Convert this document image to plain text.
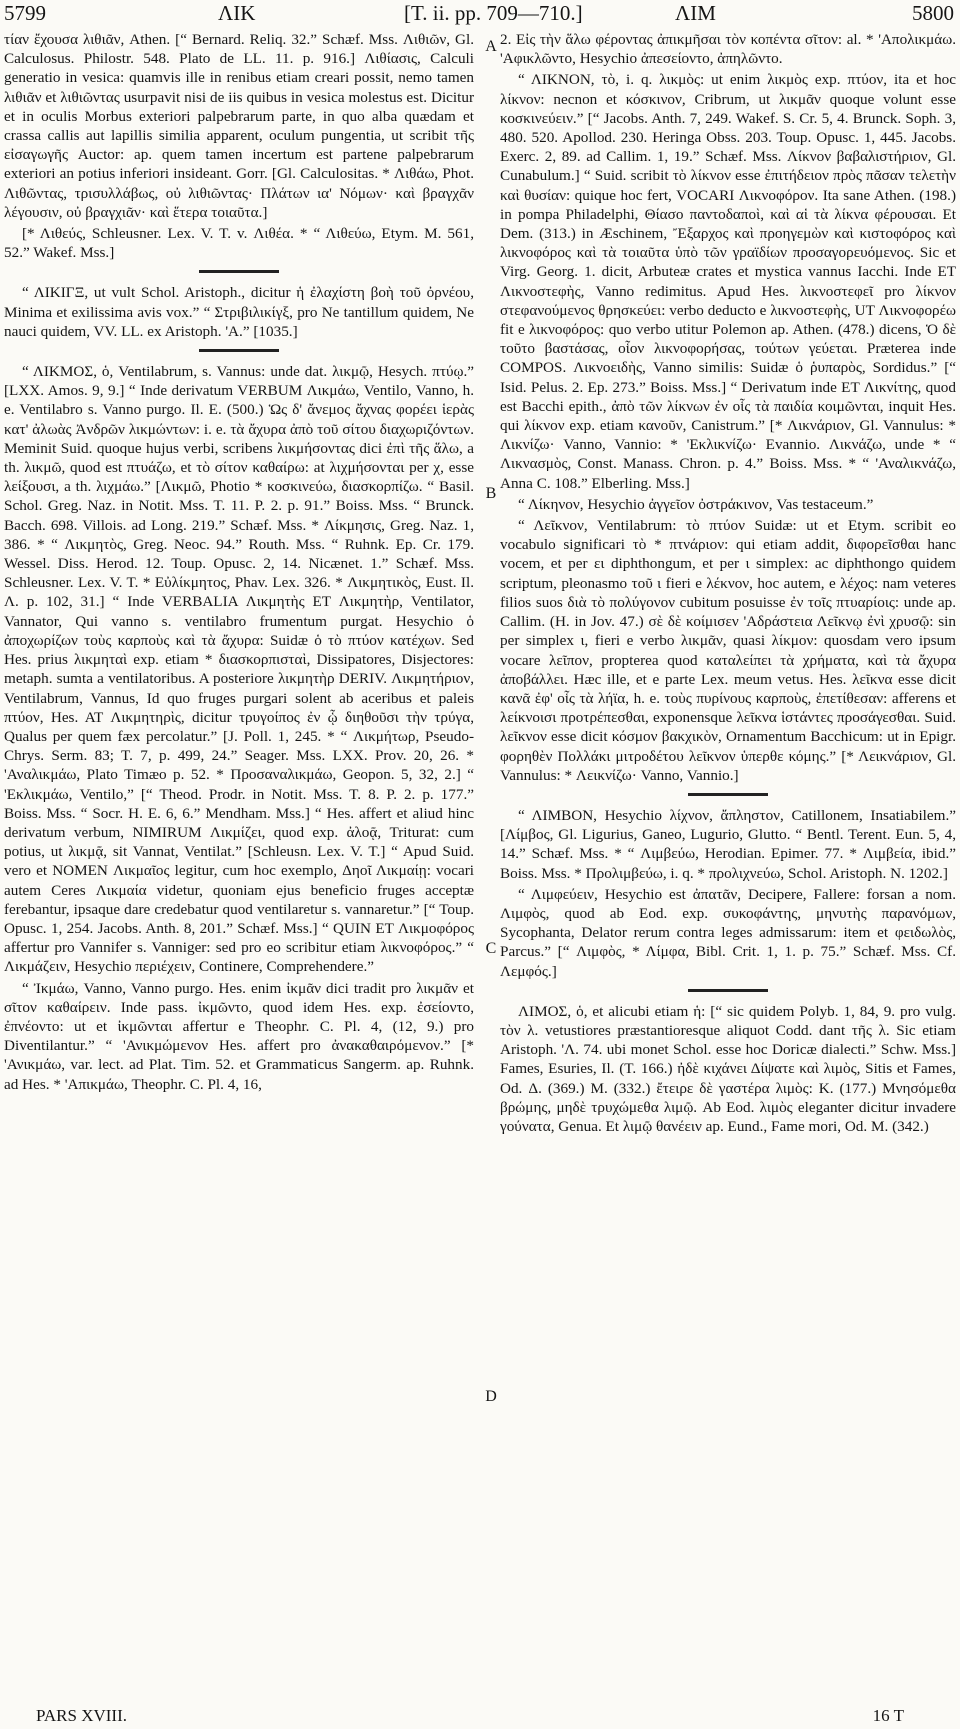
5799	ΛΙΚ	[T. ii. pp. 709—710.]	ΛΙΜ	5800

τίαν ἔχουσα λιθιᾶν, Athen. [“ Bernard. Reliq. 32.” Schæf. Mss. Λιθιῶν, Gl. Calculosus. Philostr. 548. Plato de LL. 11. p. 916.] Λιθίασις, Calculi generatio in vesica: quamvis ille in renibus etiam creari possit, nemo tamen λιθιᾶν et λιθιῶντας usurpavit nisi de iis quibus in vesica molestus est. Dicitur et in oculis Morbus exteriori palpebrarum parte, in quo alba quædam et crassa callis aut lapillis similia apparent, oculum pungentia, ut scribit τῆς εἰσαγωγῆς Auctor: ap. quem tamen incertum est partene palpebrarum exteriori an potius inferiori insideant. Gorr. [Gl. Calculositas. * Λιθάω, Phot. Λιθῶντας, τρισυλλάβως, οὐ λιθιῶντας· Πλάτων ια' Νόμων· καὶ βραγχᾶν λέγουσιν, οὐ βραγχιᾶν· καὶ ἕτερα τοιαῦτα.]

[* Λιθεύς, Schleusner. Lex. V. T. v. Λιθέα. * “ Λιθεύω, Etym. M. 561, 52.” Wakef. Mss.]

“ ΛΙΚΙΓΞ, ut vult Schol. Aristoph., dicitur ἡ ἐλαχίστη βοὴ τοῦ ὀρνέου, Minima et exilissima avis vox.” “ Στριβιλικίγξ, pro Ne tantillum quidem, Ne nauci quidem, VV. LL. ex Aristoph. 'Α.” [1035.]

“ ΛΙΚΜΟΣ, ὁ, Ventilabrum, s. Vannus: unde dat. λικμῷ, Hesych. πτύῳ.” [LXX. Amos. 9, 9.] “ Inde derivatum VERBUM Λικμάω, Ventilo, Vanno, h. e. Ventilabro s. Vanno purgo. Il. E. (500.) Ὡς δ' ἄνεμος ἄχνας φορέει ἱερὰς κατ' ἀλωὰς Ἀνδρῶν λικμώντων: i. e. τὰ ἄχυρα ἀπὸ τοῦ σίτου διαχωριζόντων. Meminit Suid. quoque hujus verbi, scribens λικμήσοντας dici ἐπὶ τῆς ἅλω, a th. λικμῶ, quod est πτυάζω, et τὸ σίτον καθαίρω: at λιχμήσονται per χ, esse λείξουσι, a th. λιχμάω.” [Λικμῶ, Photio * κοσκινεύω, διασκορπίζω. “ Basil. Schol. Greg. Naz. in Notit. Mss. T. 11. P. 2. p. 91.” Boiss. Mss. “ Brunck. Bacch. 698. Villois. ad Long. 219.” Schæf. Mss. * Λίκμησις, Greg. Naz. 1, 386. * “ Λικμητὸς, Greg. Neoc. 94.” Routh. Mss. “ Ruhnk. Ep. Cr. 179. Wessel. Diss. Herod. 12. Toup. Opusc. 2, 14. Nicænet. 1.” Schæf. Mss. Schleusner. Lex. V. T. * Εὐλίκμητος, Phav. Lex. 326. * Λικμητικὸς, Eust. Il. Λ. p. 102, 31.] “ Inde VERBALIA Λικμητὴς ET Λικμητὴρ, Ventilator, Vannator, Qui vanno s. ventilabro frumentum purgat. Hesychio ὁ ἀποχωρίζων τοὺς καρποὺς καὶ τὰ ἄχυρα: Suidæ ὁ τὸ πτύον κατέχων. Sed Hes. prius λικμηταὶ exp. etiam * διασκορπισταὶ, Dissipatores, Disjectores: metaph. sumta a ventilatoribus. A posteriore λικμητὴρ DERIV. Λικμητήριον, Ventilabrum, Vannus, Id quo fruges purgari solent ab aceribus et paleis πτύον, Hes. AT Λικμητηρὶς, dicitur τρυγοίπος ἐν ᾧ διηθοῦσι τὴν τρύγα, Qualus per quem fæx percolatur.” [J. Poll. 1, 245. * “ Λικμήτωρ, Pseudo-Chrys. Serm. 83; T. 7, p. 499, 24.” Seager. Mss. LXX. Prov. 20, 26. * 'Αναλικμάω, Plato Timæo p. 52. * Προσαναλικμάω, Geopon. 5, 32, 2.] “ 'Εκλικμάω, Ventilo,” [“ Theod. Prodr. in Notit. Mss. T. 8. P. 2. p. 177.” Boiss. Mss. “ Socr. H. E. 6, 6.” Mendham. Mss.] “ Hes. affert et aliud hinc derivatum verbum, NIMIRUM Λικμίζει, quod exp. ἀλοᾷ, Triturat: cum potius, ut λικμᾷ, sit Vannat, Ventilat.” [Schleusn. Lex. V. T.] “ Apud Suid. vero et NOMEN Λικμαῖος legitur, cum hoc exemplo, Δηοῖ Λικμαίῃ: vocari autem Ceres Λικμαία videtur, quoniam ejus beneficio fruges acceptæ ferebantur, ipsaque dare credebatur quod ventilaretur s. vannaretur.” [“ Toup. Opusc. 1, 254. Jacobs. Anth. 8, 201.” Schæf. Mss.] “ QUIN ET Λικμοφόρος affertur pro Vannifer s. Vanniger: sed pro eo scribitur etiam λικνοφόρος.” “ Λικμάζειν, Hesychio περιέχειν, Continere, Comprehendere.”

“ Ἰκμάω, Vanno, Vanno purgo. Hes. enim ἰκμᾶν dici tradit pro λικμᾶν et σῖτον καθαίρειν. Inde pass. ἰκμῶντο, quod idem Hes. exp. ἐσείοντο, ἐπνέοντο: ut et ἰκμῶνται affertur e Theophr. C. Pl. 4, (12, 9.) pro Diventilantur.” “ 'Ανικμώμενον Hes. affert pro ἀνακαθαιρόμενον.” [* 'Ανικμάω, var. lect. ad Plat. Tim. 52. et Grammaticus Sangerm. ap. Ruhnk. ad Hes. * 'Απικμάω, Theophr. C. Pl. 4, 16,

A
B
C
D

2. Εἰς τὴν ἅλω φέροντας ἀπικμῆσαι τὸν κοπέντα σῖτον: al. * 'Απολικμάω. 'Αφικλῶντο, Hesychio ἀπεσείοντο, ἀπηλῶντο.

“ ΛΙΚΝΟΝ, τὸ, i. q. λικμὸς: ut enim λικμὸς exp. πτύον, ita et hoc λίκνον: necnon et κόσκινον, Cribrum, ut λικμᾶν quoque volunt esse κοσκινεύειν.” [“ Jacobs. Anth. 7, 249. Wakef. S. Cr. 5, 4. Brunck. Soph. 3, 480. 520. Apollod. 230. Heringa Obss. 203. Toup. Opusc. 1, 445. Jacobs. Exerc. 2, 89. ad Callim. 1, 19.” Schæf. Mss. Λίκνον βαβαλιστήριον, Gl. Cunabulum.] “ Suid. scribit τὸ λίκνον esse ἐπιτήδειον πρὸς πᾶσαν τελετὴν καὶ θυσίαν: quique hoc fert, VOCARI Λικνοφόρον. Ita sane Athen. (198.) in pompa Philadelphi, Θίασο παντοδαποὶ, καὶ αἱ τὰ λίκνα φέρουσαι. Et Dem. (313.) in Æschinem, Ἔξαρχος καὶ προηγεμὼν καὶ κιστοφόρος καὶ λικνοφόρος καὶ τὰ τοιαῦτα ὑπὸ τῶν γραϊδίων προσαγορευόμενος. Sic et Virg. Georg. 1. dicit, Arbuteæ crates et mystica vannus Iacchi. Inde ET Λικνοστεφὴς, Vanno redimitus. Apud Hes. λικνοστεφεῖ pro λίκνον στεφανούμενος θρησκεύει: verbo deducto e λικνοστεφὴς, UT Λικνοφορέω fit e λικνοφόρος: quo verbo utitur Polemon ap. Athen. (478.) dicens, Ὁ δὲ τοῦτο βαστάσας, οἷον λικνοφορήσας, τούτων γεύεται. Præterea inde COMPOS. Λικνοειδὴς, Vanno similis: Suidæ ὁ ῥυπαρὸς, Sordidus.” [“ Isid. Pelus. 2. Ep. 273.” Boiss. Mss.] “ Derivatum inde ET Λικνίτης, quod est Bacchi epith., ἀπὸ τῶν λίκνων ἐν οἷς τὰ παιδία κοιμῶνται, inquit Hes. qui λίκνον exp. etiam κανοῦν, Canistrum.” [* Λικνάριον, Gl. Vannulus: * Λικνίζω· Vanno, Vannio: * 'Εκλικνίζω· Evannio. Λικνάζω, unde * “ Λικνασμὸς, Const. Manass. Chron. p. 4.” Boiss. Mss. * “ 'Αναλικνάζω, Anna C. 108.” Elberling. Mss.]

“ Λίκηνον, Hesychio ἀγγεῖον ὀστράκινον, Vas testaceum.”

“ Λεῖκνον, Ventilabrum: τὸ πτύον Suidæ: ut et Etym. scribit eo vocabulo significari τὸ * πτνάριον: qui etiam addit, διφορεῖσθαι hanc vocem, et per ει diphthongum, et per ι simplex: ac diphthongo quidem scriptum, pleonasmo τοῦ ι fieri e λέκνον, hoc autem, e λέχος: nam veteres filios suos διὰ τὸ πολύγονον cubitum posuisse ἐν τοῖς πτυαρίοις: unde ap. Callim. (H. in Jov. 47.) σὲ δὲ κοίμισεν 'Αδράστεια Λεῖκνῳ ἐνὶ χρυσῷ: sin per simplex ι, fieri e verbo λικμᾶν, quasi λίκμον: quosdam vero ipsum vocare λεῖπον, propterea quod καταλείπει τὰ χρήματα, καὶ τὰ ἄχυρα ἀποβάλλει. Hæc ille, et e parte Lex. meum vetus. Hes. λεῖκνα esse dicit κανᾶ ἐφ' οἷς τὰ λήϊα, h. e. τοὺς πυρίνους καρποὺς, ἐπετίθεσαν: afferens et λείκνοισι προτρέπεσθαι, exponensque λεῖκνα ἱστάντες προσάγεσθαι. Suid. λεῖκνον esse dicit κόσμον βακχικὸν, Ornamentum Bacchicum: ut in Epigr. φορηθὲν Πολλάκι μιτροδέτου λεῖκνον ὑπερθε κόμης.” [* Λεικνάριον, Gl. Vannulus: * Λεικνίζω· Vanno, Vannio.]

“ ΛΙΜΒΟΝ, Hesychio λίχνον, ἄπληστον, Catillonem, Insatiabilem.” [Λίμβος, Gl. Ligurius, Ganeo, Lugurio, Glutto. “ Bentl. Terent. Eun. 5, 4, 14.” Schæf. Mss. * “ Λιμβεύω, Herodian. Epimer. 77. * Λιμβεία, ibid.” Boiss. Mss. * Προλιμβεύω, i. q. * προλιχνεύω, Schol. Aristoph. N. 1202.]

“ Λιμφεύειν, Hesychio est ἀπατᾶν, Decipere, Fallere: forsan a nom. Λιμφὸς, quod ab Eod. exp. συκοφάντης, μηνυτὴς παρανόμων, Sycophanta, Delator rerum contra leges admissarum: item et φειδωλὸς, Parcus.” [“ Λιμφὸς, * Λίμφα, Bibl. Crit. 1, 1. p. 75.” Schæf. Mss. Cf. Λεμφός.]

ΛΙΜΟΣ, ὁ, et alicubi etiam ἡ: [“ sic quidem Polyb. 1, 84, 9. pro vulg. τὸν λ. vetustiores præstantioresque aliquot Codd. dant τῆς λ. Sic etiam Aristoph. 'Λ. 74. ubi monet Schol. esse hoc Doricæ dialecti.” Schw. Mss.] Fames, Esuries, Il. (T. 166.) ἠδὲ κιχάνει Δίψατε καὶ λιμὸς, Sitis et Fames, Od. Δ. (369.) M. (332.) ἔτειρε δὲ γαστέρα λιμὸς: K. (177.) Μνησόμεθα βρώμης, μηδὲ τρυχώμεθα λιμῷ. Ab Eod. λιμὸς eleganter dicitur invadere γούνατα, Genua. Et λιμῷ θανέειν ap. Eund., Fame mori, Od. M. (342.)

PARS XVIII.	16 T
